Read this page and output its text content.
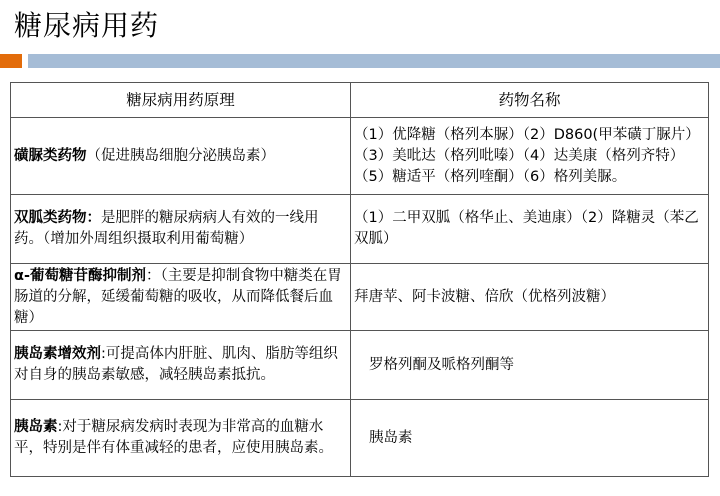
糖尿病用药
糖尿病用药原理	药物名称
磺脲类药物（促进胰岛细胞分泌胰岛素）	（1）优降糖（格列本脲）（2）D860(甲苯磺丁脲片）（3）美吡达（格列吡嗪）（4）达美康（格列齐特）（5）糖适平（格列喹酮）（6）格列美脲。
双胍类药物：是肥胖的糖尿病病人有效的一线用药。（增加外周组织摄取利用葡萄糖）	（1）二甲双胍（格华止、美迪康）（2）降糖灵（苯乙双胍）
α-葡萄糖苷酶抑制剂：（主要是抑制食物中糖类在胃肠道的分解，延缓葡萄糖的吸收，从而降低餐后血糖）	拜唐苹、阿卡波糖、倍欣（优格列波糖）
胰岛素增效剂:可提高体内肝脏、肌肉、脂肪等组织对自身的胰岛素敏感，减轻胰岛素抵抗。	罗格列酮及哌格列酮等
胰岛素:对于糖尿病发病时表现为非常高的血糖水平，特别是伴有体重减轻的患者，应使用胰岛素。	胰岛素
